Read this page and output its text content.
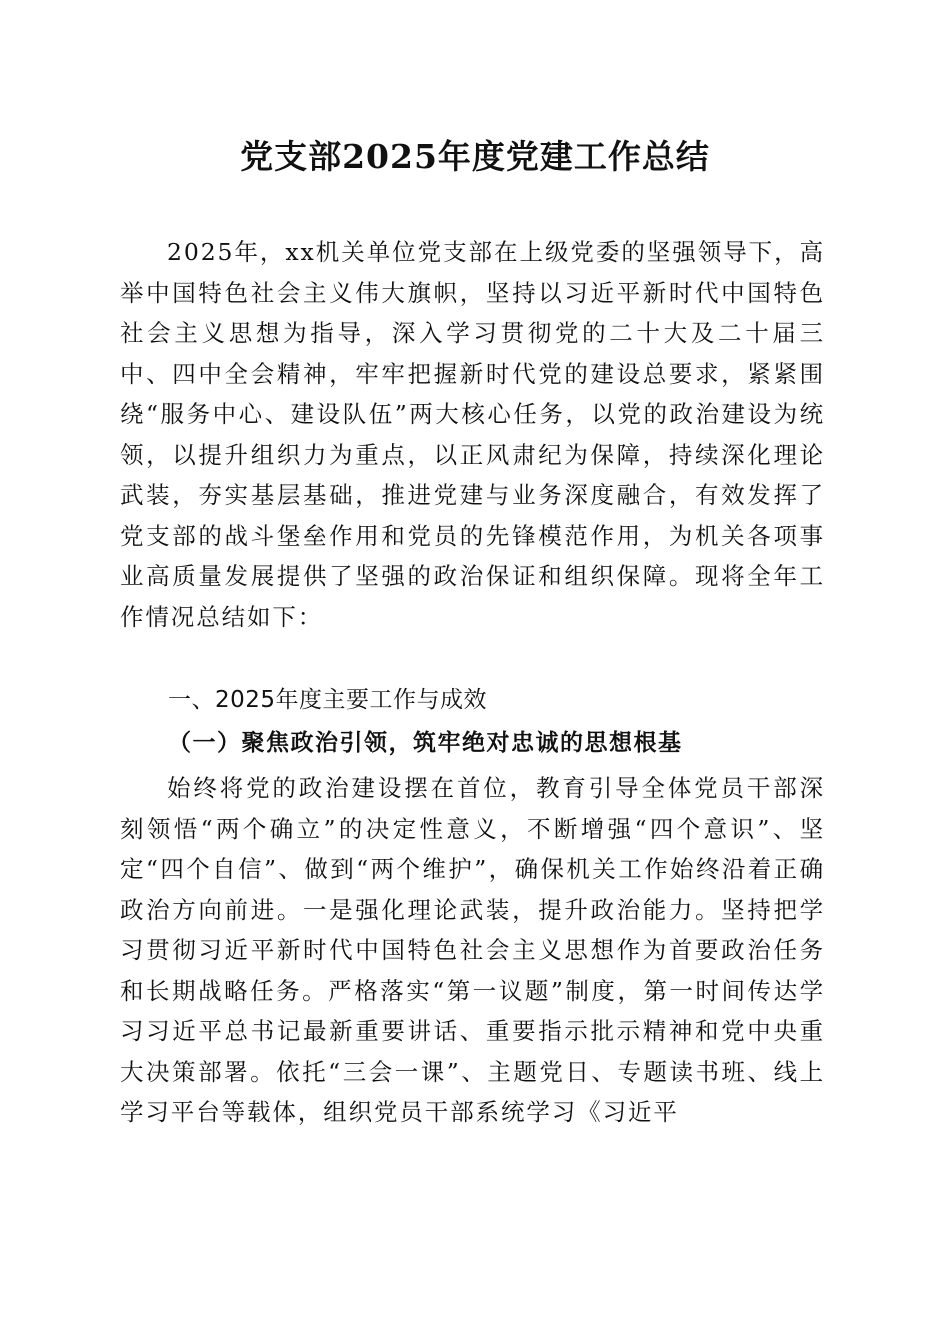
党支部2025年度党建工作总结

2025年，xx机关单位党支部在上级党委的坚强领导下，高举中国特色社会主义伟大旗帜，坚持以习近平新时代中国特色社会主义思想为指导，深入学习贯彻党的二十大及二十届三中、四中全会精神，牢牢把握新时代党的建设总要求，紧紧围绕“服务中心、建设队伍”两大核心任务，以党的政治建设为统领，以提升组织力为重点，以正风肃纪为保障，持续深化理论武装，夯实基层基础，推进党建与业务深度融合，有效发挥了党支部的战斗堡垒作用和党员的先锋模范作用，为机关各项事业高质量发展提供了坚强的政治保证和组织保障。现将全年工作情况总结如下：

一、2025年度主要工作与成效
（一）聚焦政治引领，筑牢绝对忠诚的思想根基

始终将党的政治建设摆在首位，教育引导全体党员干部深刻领悟“两个确立”的决定性意义，不断增强“四个意识”、坚定“四个自信”、做到“两个维护”，确保机关工作始终沿着正确政治方向前进。一是强化理论武装，提升政治能力。坚持把学习贯彻习近平新时代中国特色社会主义思想作为首要政治任务和长期战略任务。严格落实“第一议题”制度，第一时间传达学习习近平总书记最新重要讲话、重要指示批示精神和党中央重大决策部署。依托“三会一课”、主题党日、专题读书班、线上学习平台等载体，组织党员干部系统学习《习近平
